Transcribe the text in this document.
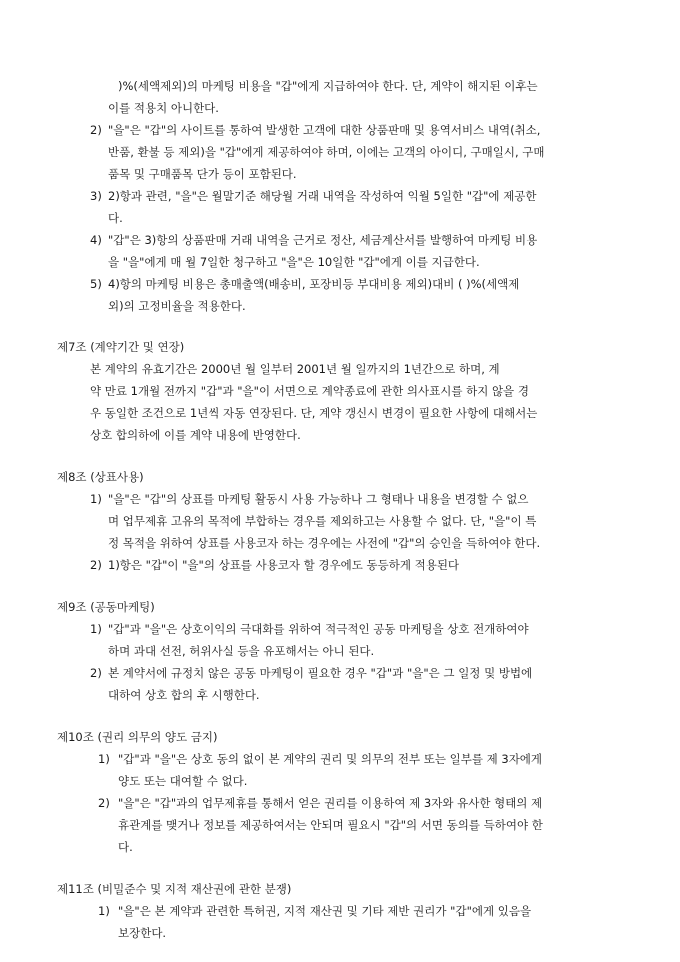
)%(세액제외)의 마케팅 비용을 "갑"에게 지급하여야 한다. 단, 계약이 해지된 이후는
이를 적용치 아니한다.
2) "을"은 "갑"의 사이트를 통하여 발생한 고객에 대한 상품판매 및 용역서비스 내역(취소,
반품, 환불 등 제외)을 "갑"에게 제공하여야 하며, 이에는 고객의 아이디, 구매일시, 구매
품목 및 구매품목 단가 등이 포함된다.
3) 2)항과 관련, "을"은 월말기준 해당월 거래 내역을 작성하여 익월 5일한 "갑"에 제공한
다.
4) "갑"은 3)항의 상품판매 거래 내역을 근거로 정산, 세금계산서를 발행하여 마케팅 비용
을 "을"에게 매 월 7일한 청구하고 "을"은 10일한 "갑"에게 이를 지급한다.
5) 4)항의 마케팅 비용은 총매출액(배송비, 포장비등 부대비용 제외)대비 ( )%(세액제
외)의 고정비율을 적용한다.
제7조 (계약기간 및 연장)
본 계약의 유효기간은 2000년 월 일부터 2001년 월 일까지의 1년간으로 하며, 계
약 만료 1개월 전까지 "갑"과 "을"이 서면으로 계약종료에 관한 의사표시를 하지 않을 경
우 동일한 조건으로 1년씩 자동 연장된다. 단, 계약 갱신시 변경이 필요한 사항에 대해서는
상호 합의하에 이를 계약 내용에 반영한다.
제8조 (상표사용)
1) "을"은 "갑"의 상표를 마케팅 활동시 사용 가능하나 그 형태나 내용을 변경할 수 없으
며 업무제휴 고유의 목적에 부합하는 경우를 제외하고는 사용할 수 없다. 단, "을"이 특
정 목적을 위하여 상표를 사용코자 하는 경우에는 사전에 "갑"의 승인을 득하여야 한다.
2) 1)항은 "갑"이 "을"의 상표를 사용코자 할 경우에도 동등하게 적용된다
제9조 (공동마케팅)
1) "갑"과 "을"은 상호이익의 극대화를 위하여 적극적인 공동 마케팅을 상호 전개하여야
하며 과대 선전, 허위사실 등을 유포해서는 아니 된다.
2) 본 계약서에 규정치 않은 공동 마케팅이 필요한 경우 "갑"과 "을"은 그 일정 및 방법에
대하여 상호 합의 후 시행한다.
제10조 (권리 의무의 양도 금지)
1) "갑"과 "을"은 상호 동의 없이 본 계약의 권리 및 의무의 전부 또는 일부를 제 3자에게
양도 또는 대여할 수 없다.
2) "을"은 "갑"과의 업무제휴를 통해서 얻은 권리를 이용하여 제 3자와 유사한 형태의 제
휴관계를 맺거나 정보를 제공하여서는 안되며 필요시 "갑"의 서면 동의를 득하여야 한
다.
제11조 (비밀준수 및 지적 재산권에 관한 분쟁)
1) "을"은 본 계약과 관련한 특허권, 지적 재산권 및 기타 제반 권리가 "갑"에게 있음을
보장한다.
